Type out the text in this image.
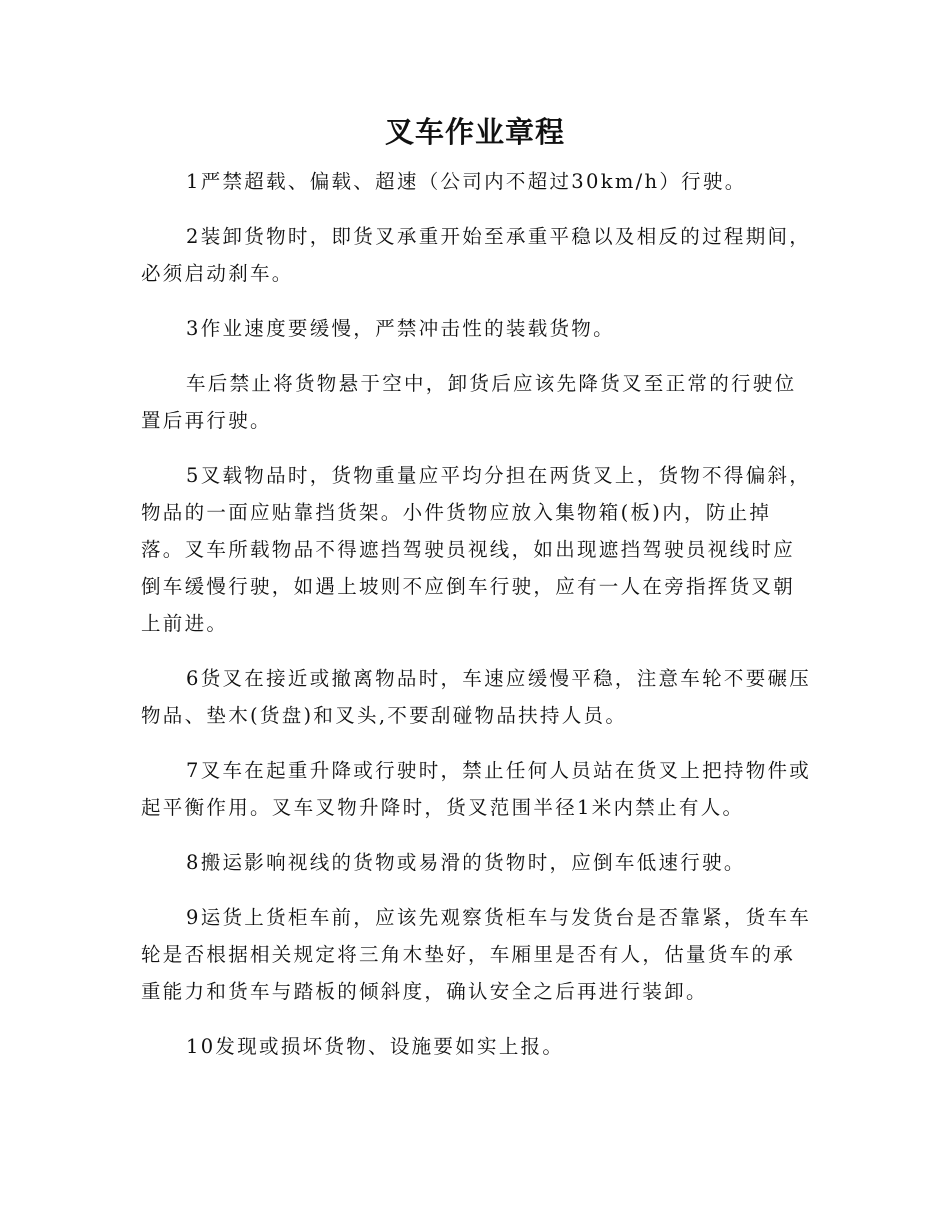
叉车作业章程

1严禁超载、偏载、超速（公司内不超过30km/h）行驶。

2装卸货物时，即货叉承重开始至承重平稳以及相反的过程期间，
必须启动刹车。

3作业速度要缓慢，严禁冲击性的装载货物。

车后禁止将货物悬于空中，卸货后应该先降货叉至正常的行驶位
置后再行驶。

5叉载物品时，货物重量应平均分担在两货叉上，货物不得偏斜，
物品的一面应贴靠挡货架。小件货物应放入集物箱(板)内，防止掉
落。叉车所载物品不得遮挡驾驶员视线，如出现遮挡驾驶员视线时应
倒车缓慢行驶，如遇上坡则不应倒车行驶，应有一人在旁指挥货叉朝
上前进。

6货叉在接近或撤离物品时，车速应缓慢平稳，注意车轮不要碾压
物品、垫木(货盘)和叉头,不要刮碰物品扶持人员。

7叉车在起重升降或行驶时，禁止任何人员站在货叉上把持物件或
起平衡作用。叉车叉物升降时，货叉范围半径1米内禁止有人。

8搬运影响视线的货物或易滑的货物时，应倒车低速行驶。

9运货上货柜车前，应该先观察货柜车与发货台是否靠紧，货车车
轮是否根据相关规定将三角木垫好，车厢里是否有人，估量货车的承
重能力和货车与踏板的倾斜度，确认安全之后再进行装卸。

10发现或损坏货物、设施要如实上报。
